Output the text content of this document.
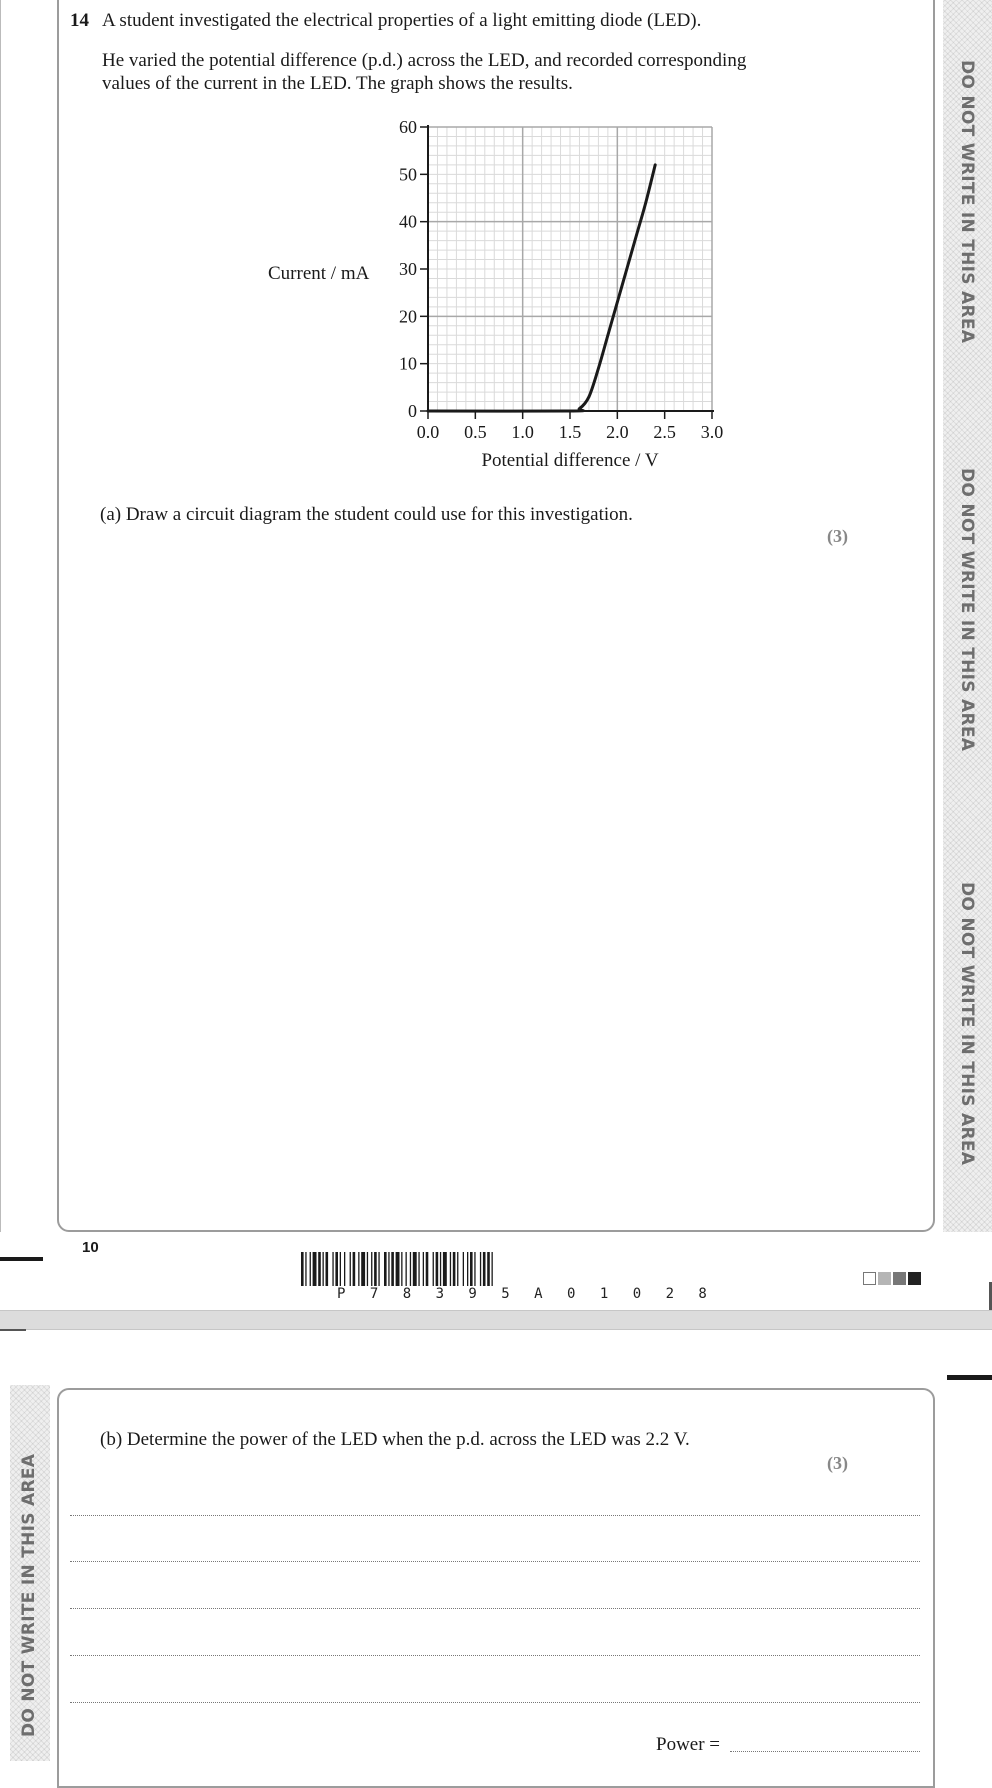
DO NOT WRITE IN THIS AREA
DO NOT WRITE IN THIS AREA
DO NOT WRITE IN THIS AREA
14 A student investigated the electrical properties of a light emitting diode (LED).
He varied the potential difference (p.d.) across the LED, and recorded corresponding
values of the current in the LED. The graph shows the results.
0
10
20
30
40
50
60
0.0 0.5 1.0 1.5 2.0 2.5 3.0
Current / mA
Potential difference / V
(a) Draw a circuit diagram the student could use for this investigation.
(3)
10
P 7 8 3 9 5 A 0 1 0 2 8
DO NOT WRITE IN THIS AREA
(b) Determine the power of the LED when the p.d. across the LED was 2.2 V.
(3)
Power =
